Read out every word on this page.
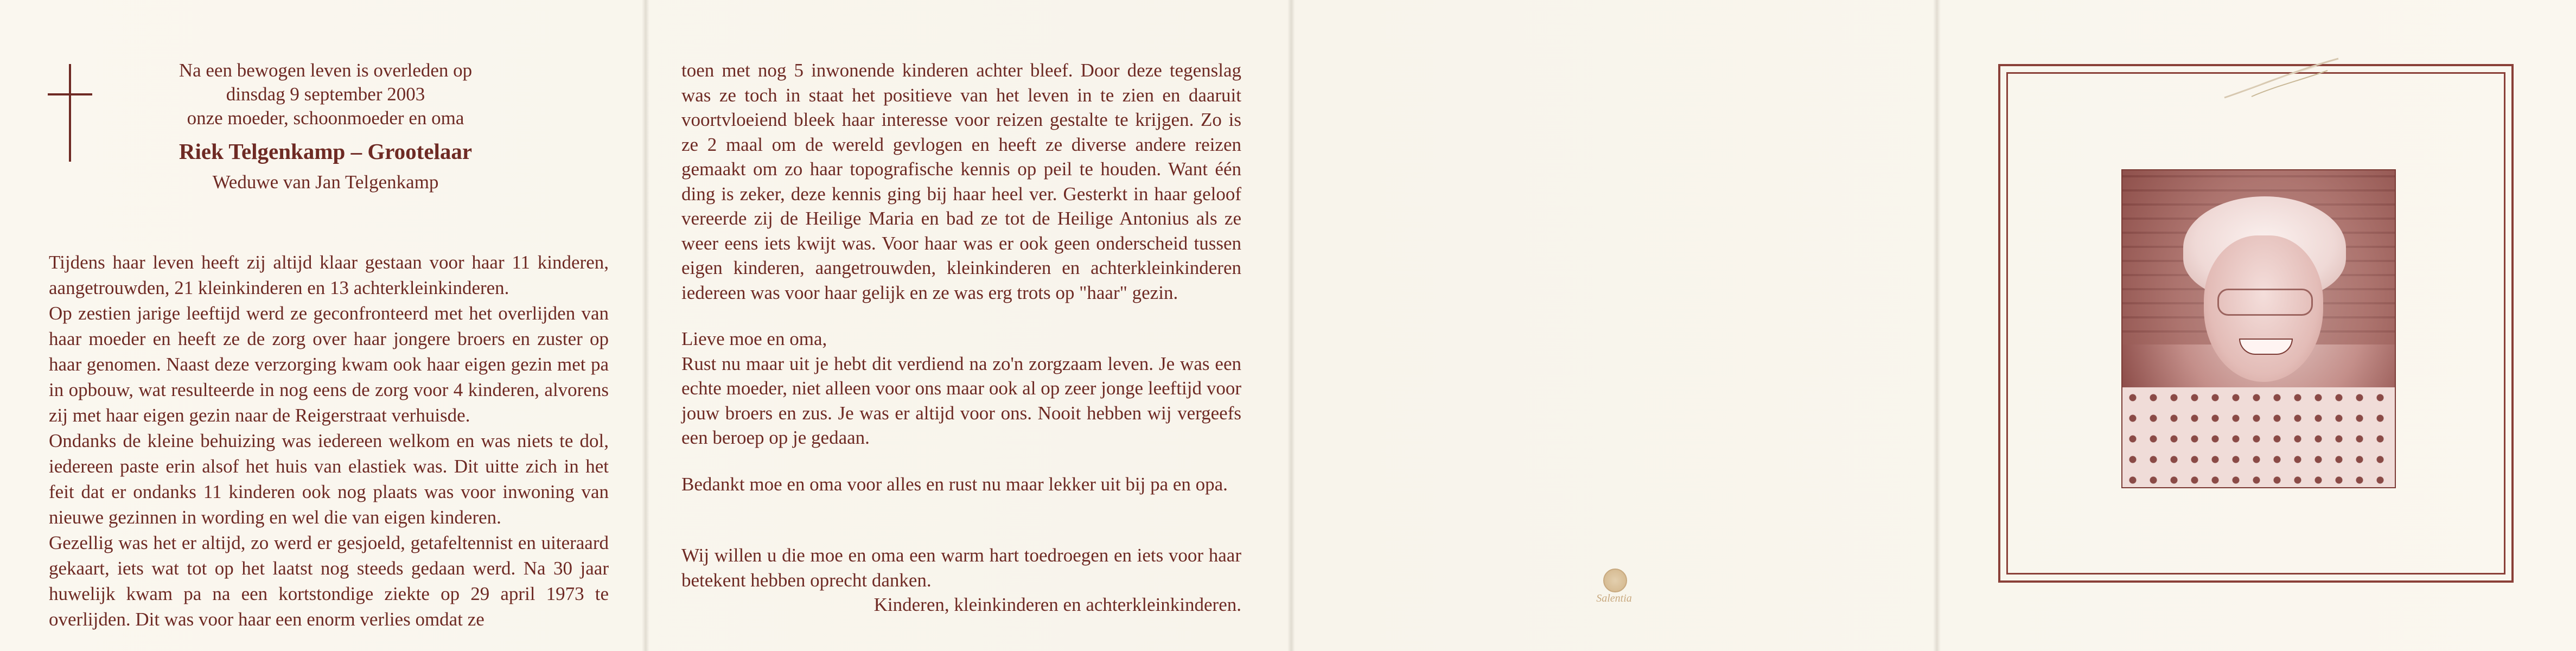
Na een bewogen leven is overleden op
dinsdag 9 september 2003
onze moeder, schoonmoeder en oma
Riek Telgenkamp – Grootelaar
Weduwe van Jan Telgenkamp

Tijdens haar leven heeft zij altijd klaar gestaan voor haar 11 kinderen, aangetrouwden, 21 kleinkinderen en 13 achterkleinkinderen.

Op zestien jarige leeftijd werd ze geconfronteerd met het overlijden van haar moeder en heeft ze de zorg over haar jongere broers en zuster op haar genomen. Naast deze verzorging kwam ook haar eigen gezin met pa in opbouw, wat resulteerde in nog eens de zorg voor 4 kinderen, alvorens zij met haar eigen gezin naar de Reigerstraat verhuisde.

Ondanks de kleine behuizing was iedereen welkom en was niets te dol, iedereen paste erin alsof het huis van elastiek was. Dit uitte zich in het feit dat er ondanks 11 kinderen ook nog plaats was voor inwoning van nieuwe gezinnen in wording en wel die van eigen kinderen.

Gezellig was het er altijd, zo werd er gesjoeld, getafeltennist en uiteraard gekaart, iets wat tot op het laatst nog steeds gedaan werd. Na 30 jaar huwelijk kwam pa na een kortstondige ziekte op 29 april 1973 te overlijden. Dit was voor haar een enorm verlies omdat ze

toen met nog 5 inwonende kinderen achter bleef. Door deze tegenslag was ze toch in staat het positieve van het leven in te zien en daaruit voortvloeiend bleek haar interesse voor reizen gestalte te krijgen. Zo is ze 2 maal om de wereld gevlogen en heeft ze diverse andere reizen gemaakt om zo haar topografische kennis op peil te houden. Want één ding is zeker, deze kennis ging bij haar heel ver. Gesterkt in haar geloof vereerde zij de Heilige Maria en bad ze tot de Heilige Antonius als ze weer eens iets kwijt was. Voor haar was er ook geen onderscheid tussen eigen kinderen, aangetrouwden, kleinkinderen en achterkleinkinderen iedereen was voor haar gelijk en ze was erg trots op "haar" gezin.

Lieve moe en oma,

Rust nu maar uit je hebt dit verdiend na zo'n zorgzaam leven. Je was een echte moeder, niet alleen voor ons maar ook al op zeer jonge leeftijd voor jouw broers en zus. Je was er altijd voor ons. Nooit hebben wij vergeefs een beroep op je gedaan.

Bedankt moe en oma voor alles en rust nu maar lekker uit bij pa en opa.

Wij willen u die moe en oma een warm hart toedroegen en iets voor haar betekent hebben oprecht danken.

Kinderen, kleinkinderen en achterkleinkinderen.	Salentia
